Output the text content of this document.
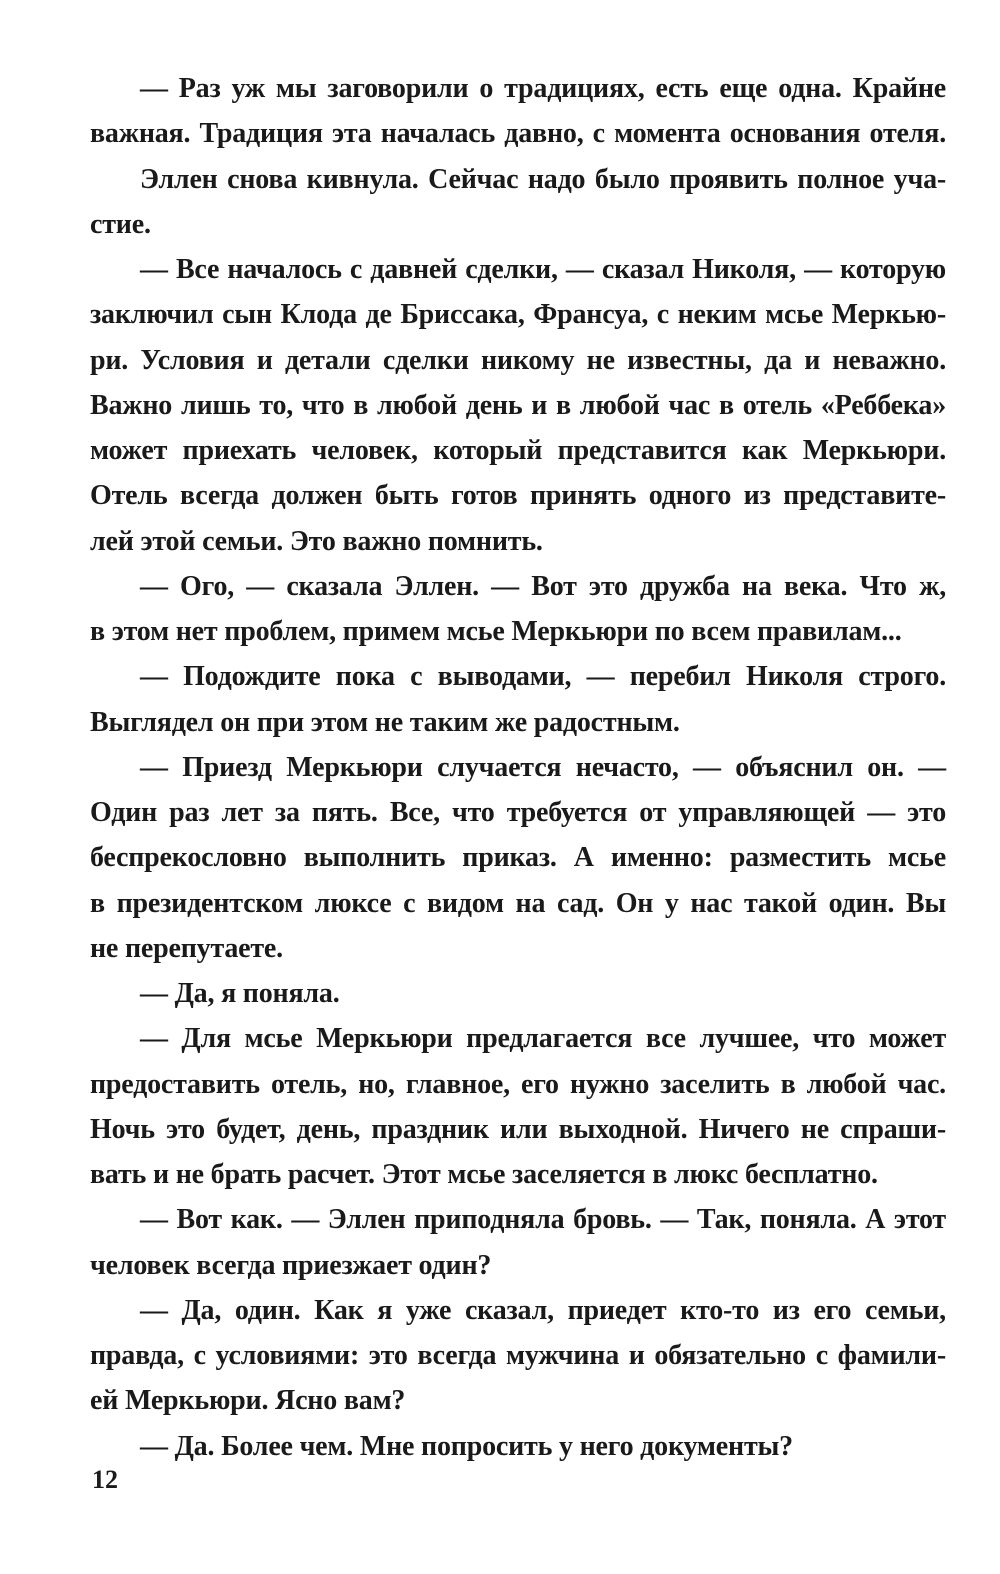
— Раз уж мы заговорили о традициях, есть еще одна. Крайне
важная. Традиция эта началась давно, с момента основания отеля.
Эллен снова кивнула. Сейчас надо было проявить полное уча-
стие.
— Все началось с давней сделки, — сказал Николя, — которую
заключил сын Клода де Бриссака, Франсуа, с неким мсье Меркью-
ри. Условия и детали сделки никому не известны, да и неважно.
Важно лишь то, что в любой день и в любой час в отель «Реббека»
может приехать человек, который представится как Меркьюри.
Отель всегда должен быть готов принять одного из представите-
лей этой семьи. Это важно помнить.
— Ого, — сказала Эллен. — Вот это дружба на века. Что ж,
в этом нет проблем, примем мсье Меркьюри по всем правилам...
— Подождите пока с выводами, — перебил Николя строго.
Выглядел он при этом не таким же радостным.
— Приезд Меркьюри случается нечасто, — объяснил он. —
Один раз лет за пять. Все, что требуется от управляющей — это
беспрекословно выполнить приказ. А именно: разместить мсье
в президентском люксе с видом на сад. Он у нас такой один. Вы
не перепутаете.
— Да, я поняла.
— Для мсье Меркьюри предлагается все лучшее, что может
предоставить отель, но, главное, его нужно заселить в любой час.
Ночь это будет, день, праздник или выходной. Ничего не спраши-
вать и не брать расчет. Этот мсье заселяется в люкс бесплатно.
— Вот как. — Эллен приподняла бровь. — Так, поняла. А этот
человек всегда приезжает один?
— Да, один. Как я уже сказал, приедет кто-то из его семьи,
правда, с условиями: это всегда мужчина и обязательно с фамили-
ей Меркьюри. Ясно вам?
— Да. Более чем. Мне попросить у него документы?
12
